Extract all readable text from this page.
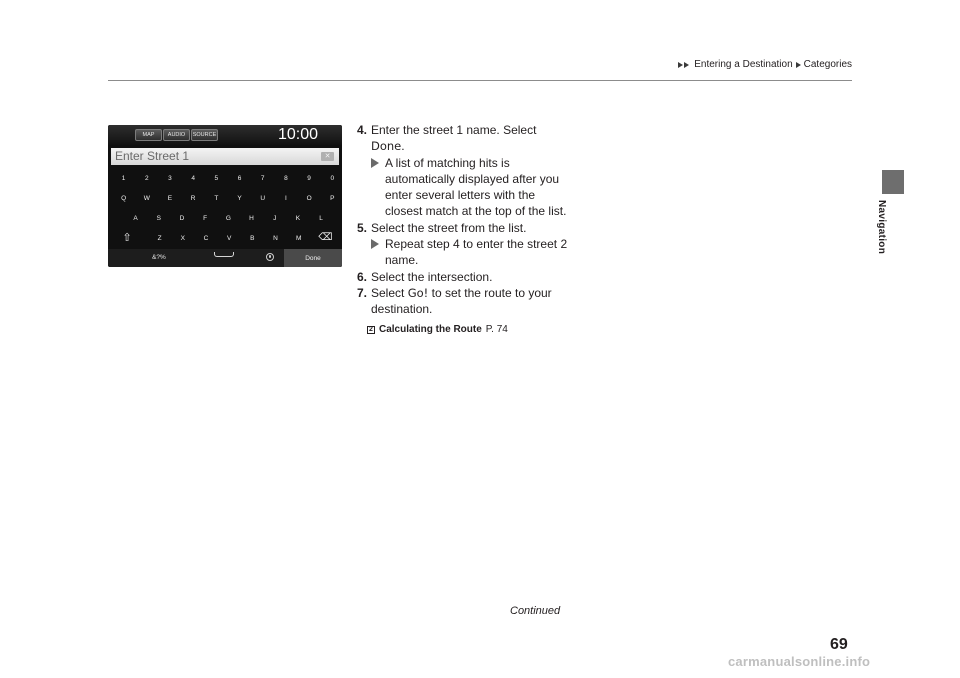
Entering a Destination Categories
Navigation
MAP	AUDIO	SOURCE	10:00
Enter Street 1	✕
1	2	3	4	5	6	7	8	9	0
Q	W	E	R	T	Y	U	I	O	P
A	S	D	F	G	H	J	K	L
⇧	Z	X	C	V	B	N	M	⌫
&?%	Done
4. Enter the street 1 name. Select
Done.
A list of matching hits is automatically displayed after you enter several letters with the closest match at the top of the list.
5. Select the street from the list.
Repeat step 4 to enter the street 2 name.
6. Select the intersection.
7. Select Go! to set the route to your destination.
2 Calculating the Route P. 74
Continued
69
carmanualsonline.info
